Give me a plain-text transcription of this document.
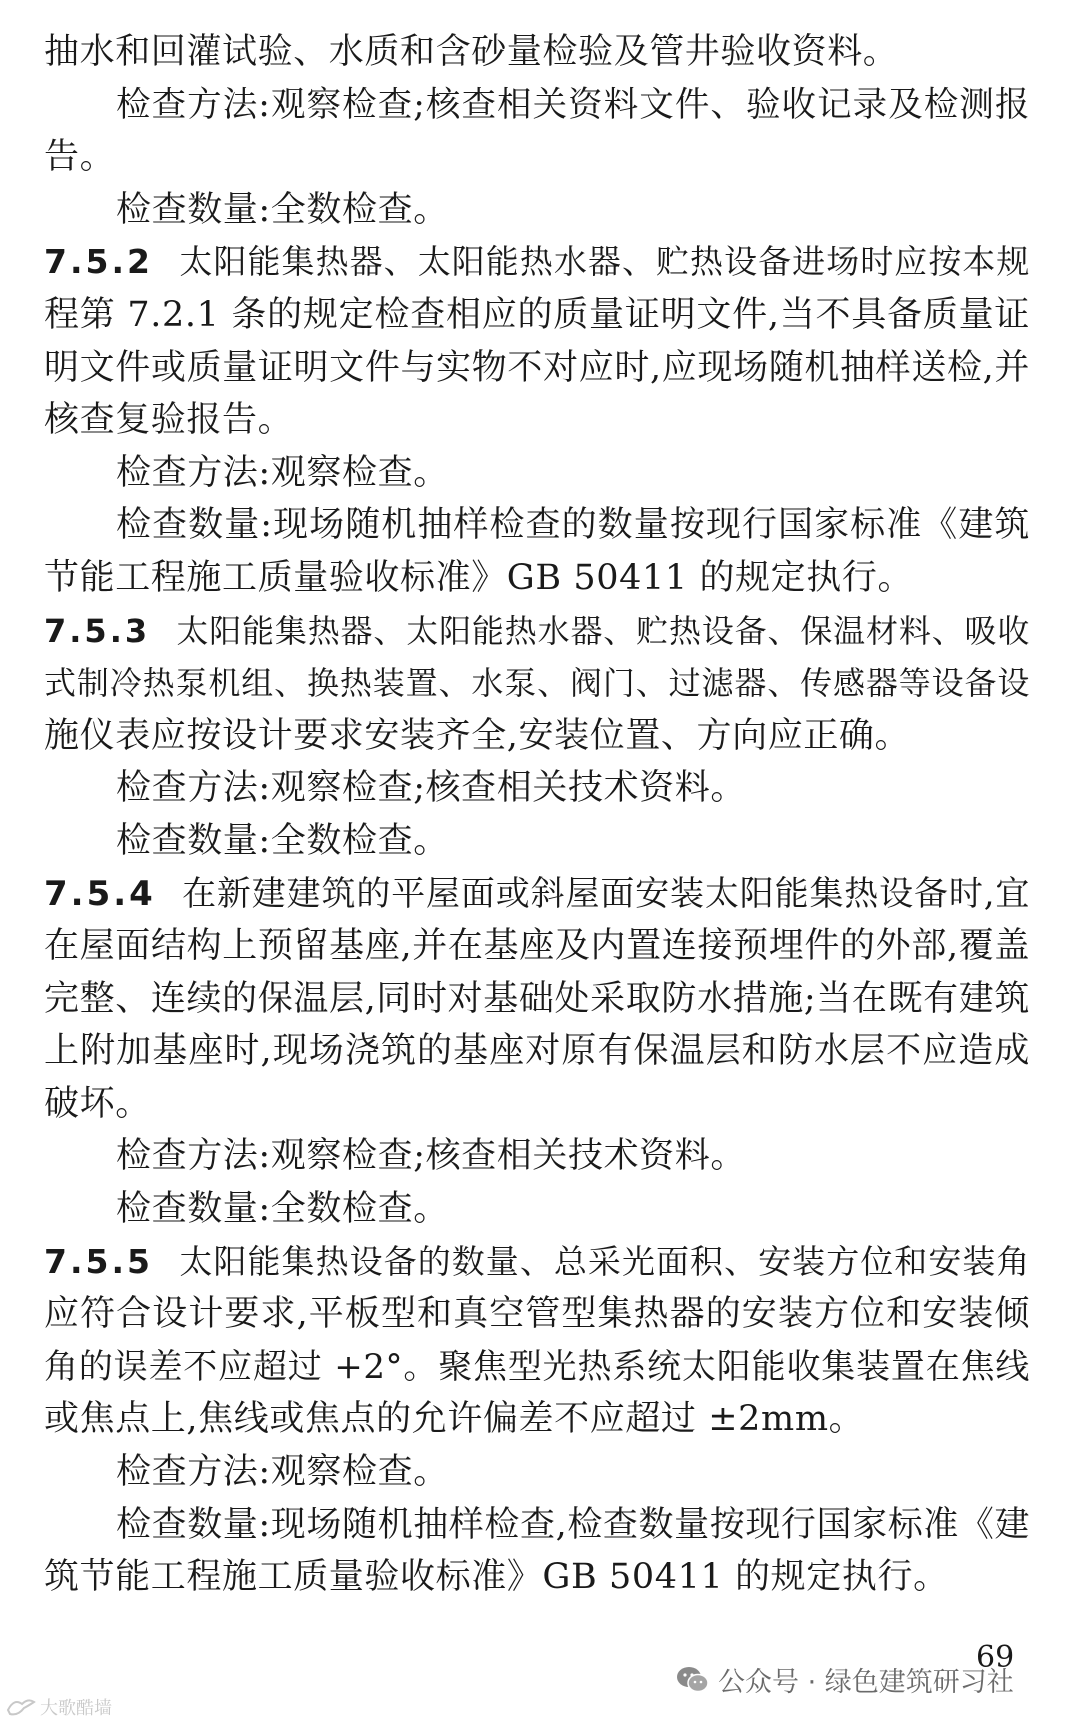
抽水和回灌试验、水质和含砂量检验及管井验收资料。
检查方法:观察检查;核查相关资料文件、验收记录及检测报
告。
检查数量:全数检查。
7.5.2 太阳能集热器、太阳能热水器、贮热设备进场时应按本规
程第 7.2.1 条的规定检查相应的质量证明文件,当不具备质量证
明文件或质量证明文件与实物不对应时,应现场随机抽样送检,并
核查复验报告。
检查方法:观察检查。
检查数量:现场随机抽样检查的数量按现行国家标准《建筑
节能工程施工质量验收标准》GB 50411 的规定执行。
7.5.3 太阳能集热器、太阳能热水器、贮热设备、保温材料、吸收
式制冷热泵机组、换热装置、水泵、阀门、过滤器、传感器等设备设
施仪表应按设计要求安装齐全,安装位置、方向应正确。
检查方法:观察检查;核查相关技术资料。
检查数量:全数检查。
7.5.4 在新建建筑的平屋面或斜屋面安装太阳能集热设备时,宜
在屋面结构上预留基座,并在基座及内置连接预埋件的外部,覆盖
完整、连续的保温层,同时对基础处采取防水措施;当在既有建筑
上附加基座时,现场浇筑的基座对原有保温层和防水层不应造成
破坏。
检查方法:观察检查;核查相关技术资料。
检查数量:全数检查。
7.5.5 太阳能集热设备的数量、总采光面积、安装方位和安装角
应符合设计要求,平板型和真空管型集热器的安装方位和安装倾
角的误差不应超过 +2°。聚焦型光热系统太阳能收集装置在焦线
或焦点上,焦线或焦点的允许偏差不应超过 ±2mm。
检查方法:观察检查。
检查数量:现场随机抽样检查,检查数量按现行国家标准《建
筑节能工程施工质量验收标准》GB 50411 的规定执行。
69
公众号 · 绿色建筑研习社
大歌酷墙
